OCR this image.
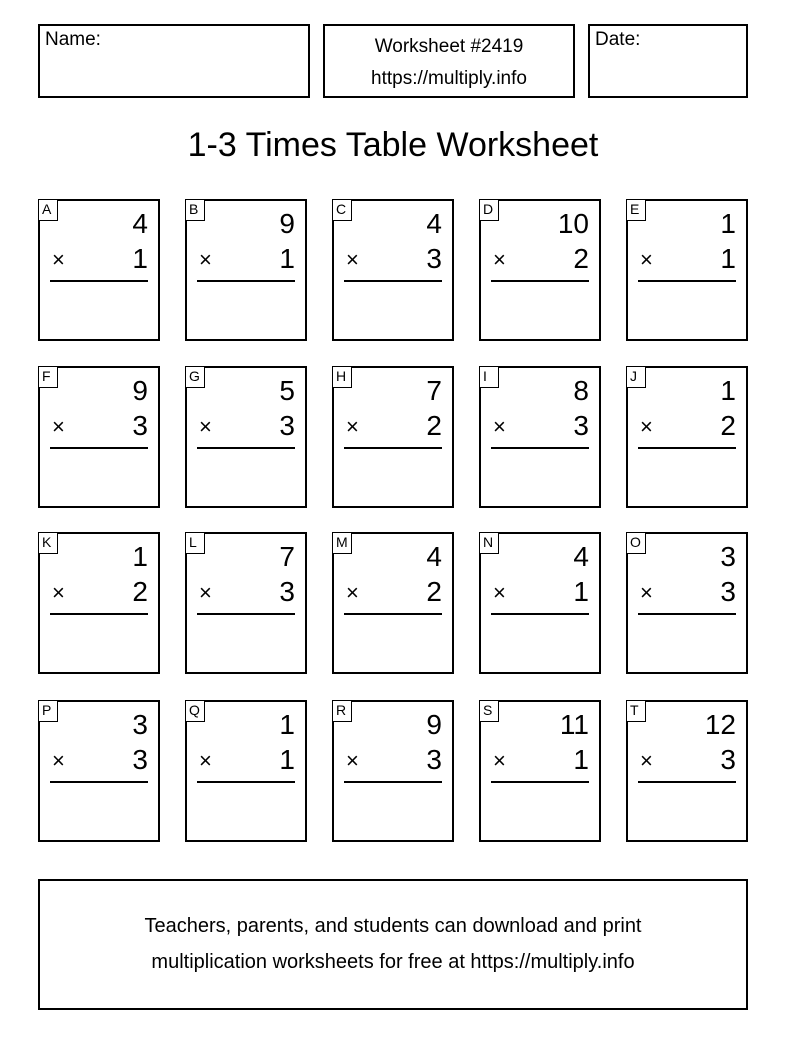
Name:	Worksheet #2419
https://multiply.info
Date:
1-3 Times Table Worksheet
A	4
× 1
B	9
× 1
C	4
× 3
D 10
× 2
E	1
× 1
F	9
× 3
G	5
× 3
H	7
× 2
I	8
× 3
J	1
× 2
K	1
× 2
L	7
× 3
M	4
× 2
N	4
× 1
O	3
× 3
P	3
× 3
Q	1
× 1
R	9
× 3
S 11
× 1
T 12
× 3
Teachers, parents, and students can download and print
multiplication worksheets for free at https://multiply.info
